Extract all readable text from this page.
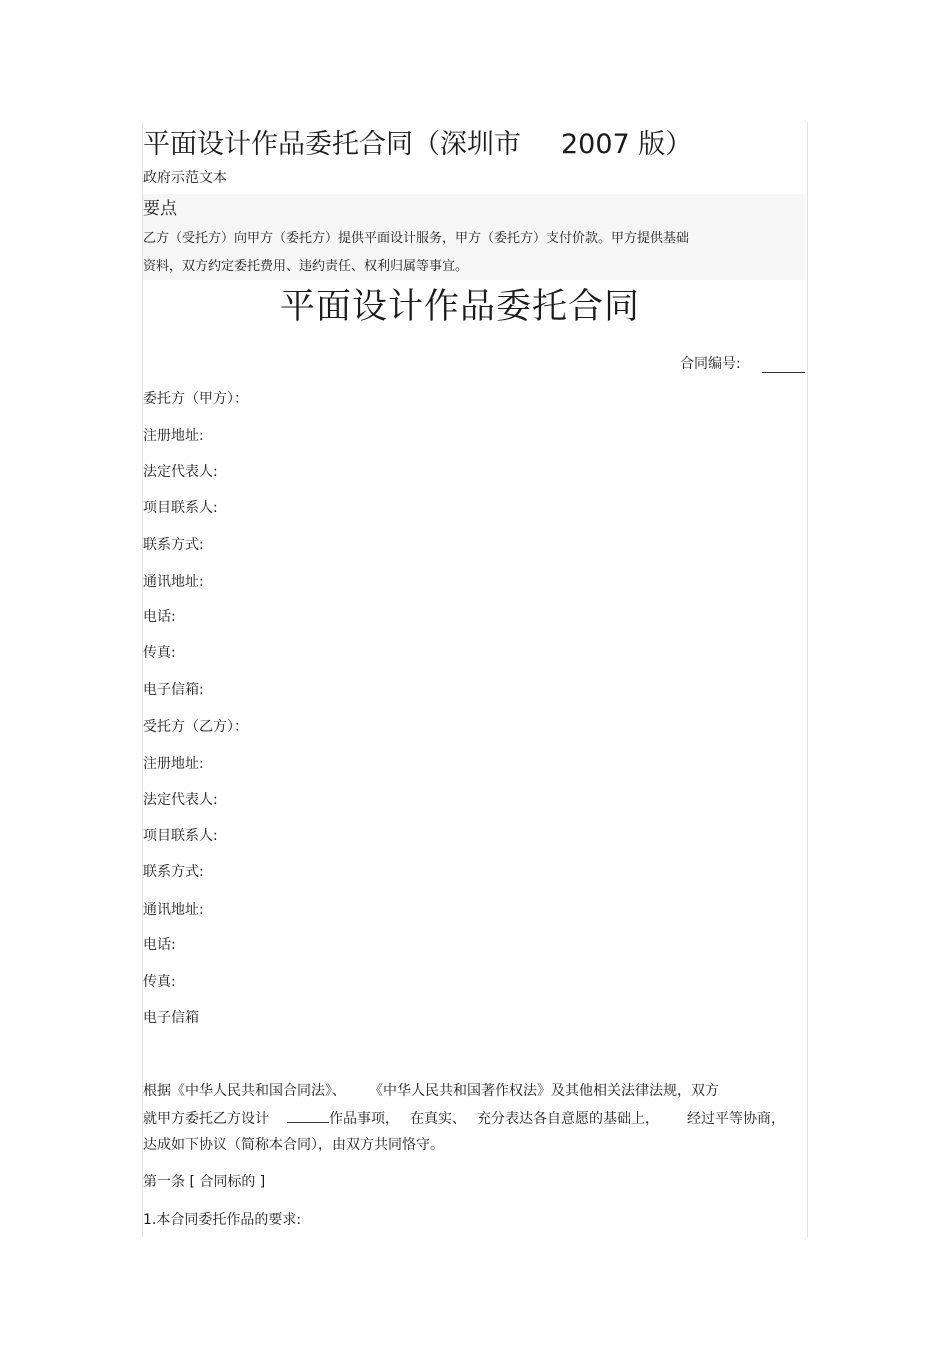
平面设计作品委托合同（深圳市 2007 版）
政府示范文本
要点
乙方（受托方）向甲方（委托方）提供平面设计服务，甲方（委托方）支付价款。甲方提供基础
资料，双方约定委托费用、违约责任、权利归属等事宜。
平面设计作品委托合同
合同编号:
委托方（甲方）：
注册地址:
法定代表人:
项目联系人:
联系方式:
通讯地址:
电话:
传真:
电子信箱:
受托方（乙方）：
注册地址:
法定代表人:
项目联系人:
联系方式:
通讯地址:
电话:
传真:
电子信箱
根据《中华人民共和国合同法》、 《中华人民共和国著作权法》及其他相关法律法规，双方
就甲方委托乙方设计	作品事项， 在真实、 充分表达各自意愿的基础上， 经过平等协商，
达成如下协议（简称本合同），由双方共同恪守。
第一条 [ 合同标的 ]
1.本合同委托作品的要求:
